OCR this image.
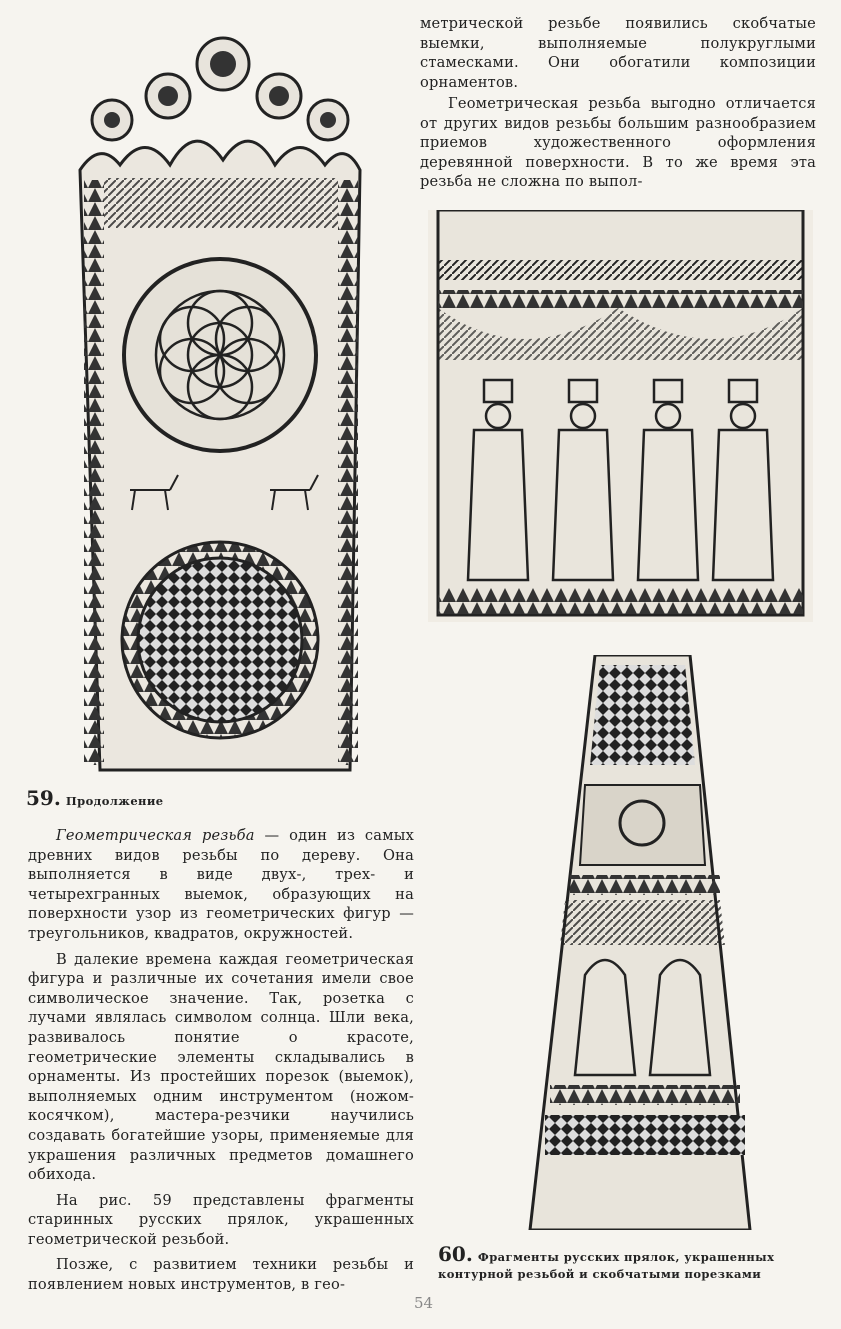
метрической резьбе появились скобчатые выемки, выполняемые полукруглыми стамесками. Они обогатили композиции орнаментов.

Геометрическая резьба выгодно отличается от других видов резьбы большим разнообразием приемов художественного оформления деревянной поверхности. В то же время эта резьба не сложна по выпол-

59. Продолжение

Геометрическая резьба — один из самых древних видов резьбы по дереву. Она выполняется в виде двух-, трех- и четырехгранных выемок, образующих на поверхности узор из геометрических фигур — треугольников, квадратов, окружностей.

В далекие времена каждая геометрическая фигура и различные их сочетания имели свое символическое значение. Так, розетка с лучами являлась символом солнца. Шли века, развивалось понятие о красоте, геометрические элементы складывались в орнаменты. Из простейших порезок (выемок), выполняемых одним инструментом (ножом-косячком), мастера-резчики научились создавать богатейшие узоры, применяемые для украшения различных предметов домашнего обихода.

На рис. 59 представлены фрагменты старинных русских прялок, украшенных геометрической резьбой.

Позже, с развитием техники резьбы и появлением новых инструментов, в гео-

60. Фрагменты русских прялок, украшенных контурной резьбой и скобчатыми порезками
54
